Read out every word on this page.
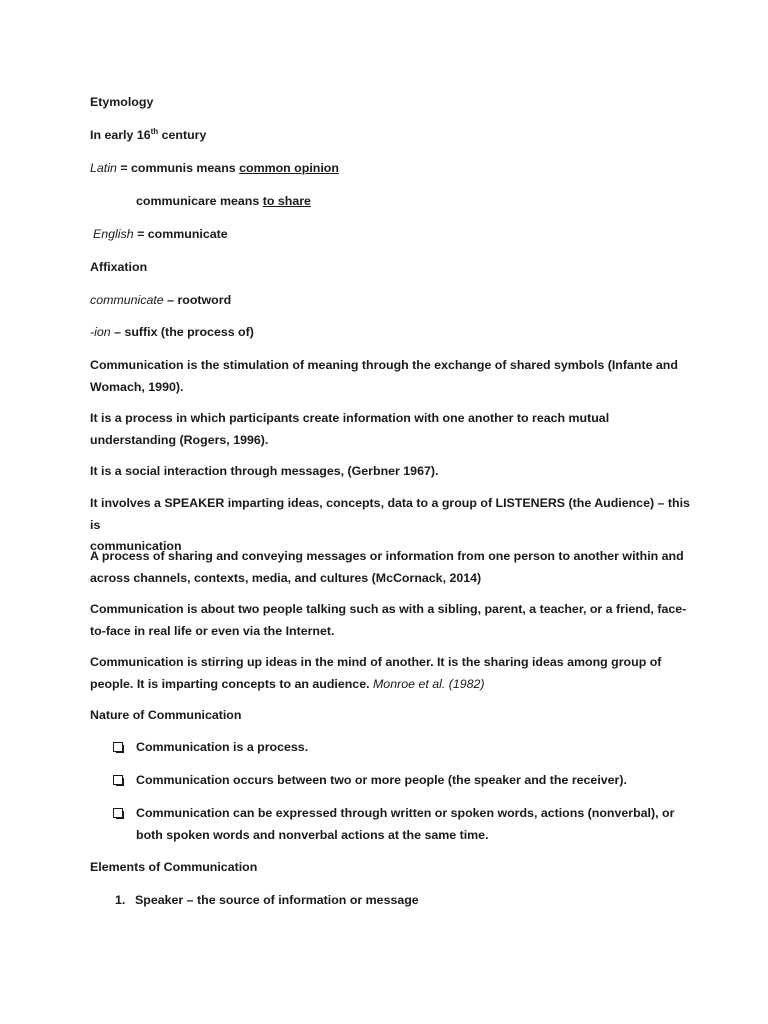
Etymology

In early 16th century

Latin = communis means common opinion

communicare means to share

English = communicate

Affixation

communicate – rootword

-ion – suffix (the process of)

Communication is the stimulation of meaning through the exchange of shared symbols (Infante and Womach, 1990).

It is a process in which participants create information with one another to reach mutual understanding (Rogers, 1996).

It is a social interaction through messages, (Gerbner 1967).

It involves a SPEAKER imparting ideas, concepts, data to a group of LISTENERS (the Audience) – this is
communication

A process of sharing and conveying messages or information from one person to another within and across channels, contexts, media, and cultures (McCornack, 2014)

Communication is about two people talking such as with a sibling, parent, a teacher, or a friend, face-to-face in real life or even via the Internet.

Communication is stirring up ideas in the mind of another. It is the sharing ideas among group of people. It is imparting concepts to an audience. Monroe et al. (1982)

Nature of Communication

Communication is a process.

Communication occurs between two or more people (the speaker and the receiver).

Communication can be expressed through written or spoken words, actions (nonverbal), or both spoken words and nonverbal actions at the same time.

Elements of Communication

1. Speaker – the source of information or message
